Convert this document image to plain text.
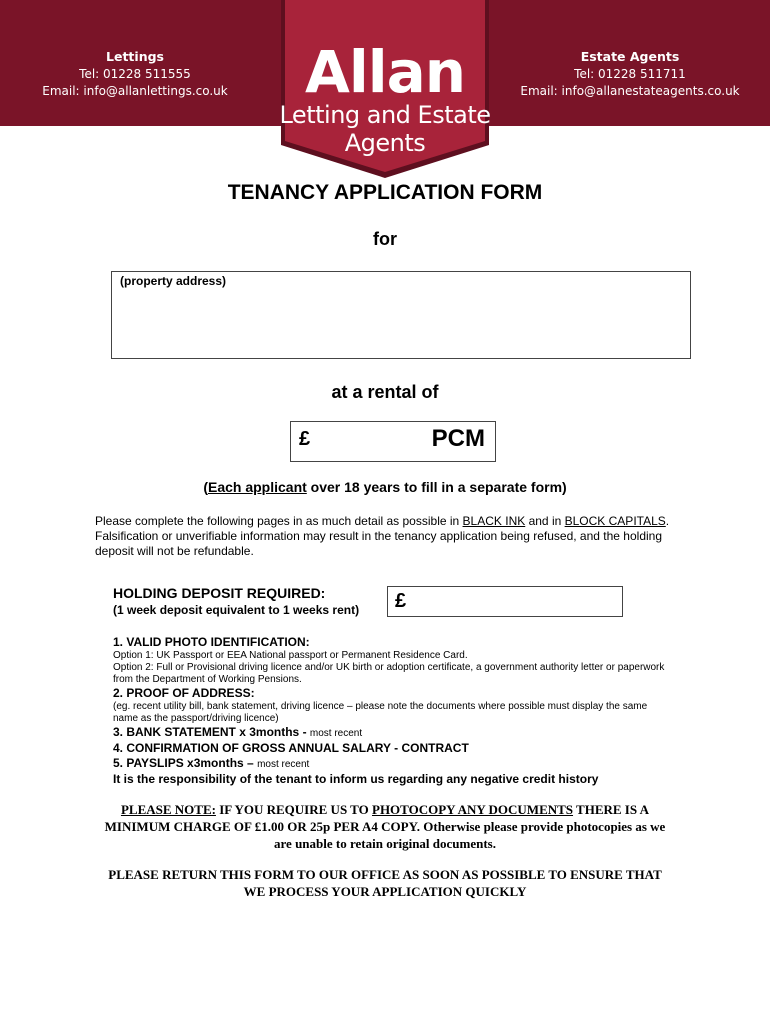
Lettings
Tel: 01228 511555
Email: info@allanlettings.co.uk
Estate Agents
Tel: 01228 511711
Email: info@allanestateagents.co.uk
Allan
Letting and Estate
Agents
TENANCY APPLICATION FORM
for
(property address)
at a rental of
£	PCM
(Each applicant over 18 years to fill in a separate form)
Please complete the following pages in as much detail as possible in BLACK INK and in BLOCK CAPITALS.
Falsification or unverifiable information may result in the tenancy application being refused, and the holding deposit will not be refundable.
HOLDING DEPOSIT REQUIRED:
(1 week deposit equivalent to 1 weeks rent) £
1. VALID PHOTO IDENTIFICATION:
Option 1: UK Passport or EEA National passport or Permanent Residence Card.
Option 2: Full or Provisional driving licence and/or UK birth or adoption certificate, a government authority letter or paperwork from the Department of Working Pensions.
2. PROOF OF ADDRESS:
(eg. recent utility bill, bank statement, driving licence – please note the documents where possible must display the same name as the passport/driving licence)
3. BANK STATEMENT x 3months - most recent
4. CONFIRMATION OF GROSS ANNUAL SALARY - CONTRACT
5. PAYSLIPS x3months – most recent
It is the responsibility of the tenant to inform us regarding any negative credit history
PLEASE NOTE: IF YOU REQUIRE US TO PHOTOCOPY ANY DOCUMENTS THERE IS A MINIMUM CHARGE OF £1.00 OR 25p PER A4 COPY. Otherwise please provide photocopies as we are unable to retain original documents.
PLEASE RETURN THIS FORM TO OUR OFFICE AS SOON AS POSSIBLE TO ENSURE THAT WE PROCESS YOUR APPLICATION QUICKLY
